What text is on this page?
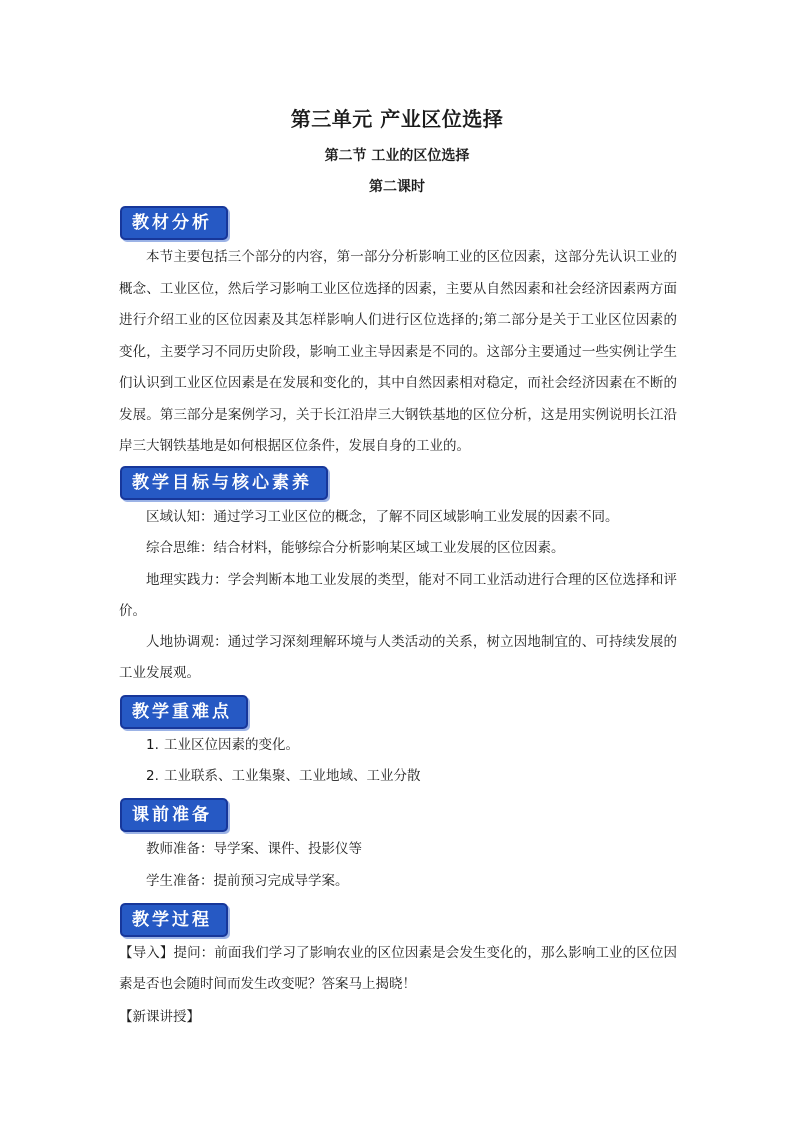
第三单元 产业区位选择
第二节 工业的区位选择
第二课时
教材分析
本节主要包括三个部分的内容，第一部分分析影响工业的区位因素，这部分先认识工业的概念、工业区位，然后学习影响工业区位选择的因素，主要从自然因素和社会经济因素两方面进行介绍工业的区位因素及其怎样影响人们进行区位选择的;第二部分是关于工业区位因素的变化，主要学习不同历史阶段，影响工业主导因素是不同的。这部分主要通过一些实例让学生们认识到工业区位因素是在发展和变化的，其中自然因素相对稳定，而社会经济因素在不断的发展。第三部分是案例学习，关于长江沿岸三大钢铁基地的区位分析，这是用实例说明长江沿岸三大钢铁基地是如何根据区位条件，发展自身的工业的。
教学目标与核心素养
区域认知：通过学习工业区位的概念，了解不同区域影响工业发展的因素不同。
综合思维：结合材料，能够综合分析影响某区域工业发展的区位因素。
地理实践力：学会判断本地工业发展的类型，能对不同工业活动进行合理的区位选择和评价。
人地协调观：通过学习深刻理解环境与人类活动的关系，树立因地制宜的、可持续发展的工业发展观。
教学重难点
1. 工业区位因素的变化。
2. 工业联系、工业集聚、工业地域、工业分散
课前准备
教师准备：导学案、课件、投影仪等
学生准备：提前预习完成导学案。
教学过程
【导入】提问：前面我们学习了影响农业的区位因素是会发生变化的，那么影响工业的区位因素是否也会随时间而发生改变呢？答案马上揭晓！
【新课讲授】
